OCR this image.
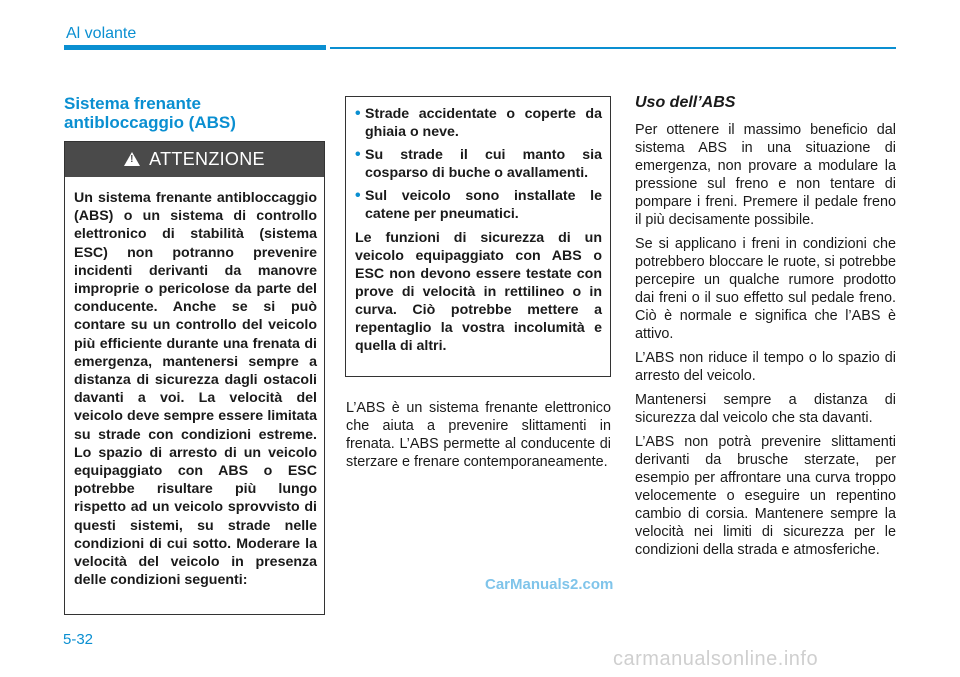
Al volante
Sistema frenante antibloccaggio (ABS)
!
ATTENZIONE
Un sistema frenante antibloccaggio (ABS) o un sistema di controllo elettronico di stabilità (sistema ESC) non potranno prevenire incidenti derivanti da manovre improprie o pericolose da parte del conducente. Anche se si può contare su un controllo del veicolo più efficiente durante una frenata di emergenza, mantenersi sempre a distanza di sicurezza dagli ostacoli davanti a voi. La velocità del veicolo deve sempre essere limitata su strade con condizioni estreme. Lo spazio di arresto di un veicolo equipaggiato con ABS o ESC potrebbe risultare più lungo rispetto ad un veicolo sprovvisto di questi sistemi, su strade nelle condizioni di cui sotto. Moderare la velocità del veicolo in presenza delle condizioni seguenti:
• Strade accidentate o coperte da ghiaia o neve.
• Su strade il cui manto sia cosparso di buche o avallamenti.
• Sul veicolo sono installate le catene per pneumatici.
Le funzioni di sicurezza di un veicolo equipaggiato con ABS o ESC non devono essere testate con prove di velocità in rettilineo o in curva. Ciò potrebbe mettere a repentaglio la vostra incolumità e quella di altri.
L’ABS è un sistema frenante elettronico che aiuta a prevenire slittamenti in frenata. L’ABS permette al conducente di sterzare e frenare contemporaneamente.
Uso dell’ABS

Per ottenere il massimo beneficio dal sistema ABS in una situazione di emergenza, non provare a modulare la pressione sul freno e non tentare di pompare i freni. Premere il pedale freno il più decisamente possibile.

Se si applicano i freni in condizioni che potrebbero bloccare le ruote, si potrebbe percepire un qualche rumore prodotto dai freni o il suo effetto sul pedale freno. Ciò è normale e significa che l’ABS è attivo.

L’ABS non riduce il tempo o lo spazio di arresto del veicolo.

Mantenersi sempre a distanza di sicurezza dal veicolo che sta davanti.

L’ABS non potrà prevenire slittamenti derivanti da brusche sterzate, per esempio per affrontare una curva troppo velocemente o eseguire un repentino cambio di corsia. Mantenere sempre la velocità nei limiti di sicurezza per le condizioni della strada e atmosferiche.

CarManuals2.com
5-32
carmanualsonline.info
